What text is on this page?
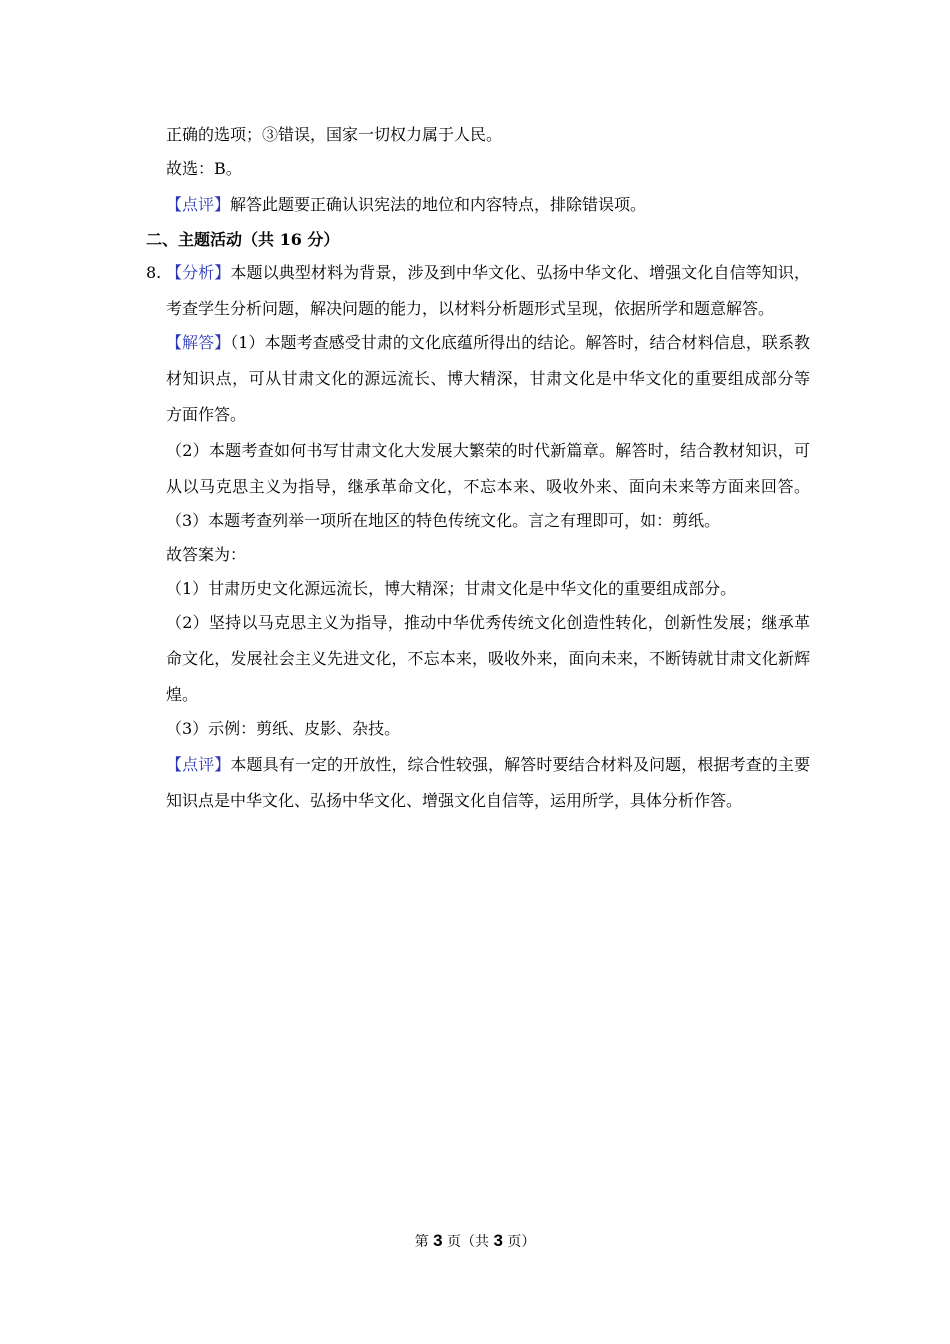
正确的选项；③错误，国家一切权力属于人民。
故选：B。
【点评】解答此题要正确认识宪法的地位和内容特点，排除错误项。
二、主题活动（共 16 分）
8. 【分析】本题以典型材料为背景，涉及到中华文化、弘扬中华文化、增强文化自信等知识，
考查学生分析问题，解决问题的能力，以材料分析题形式呈现，依据所学和题意解答。
【解答】（1）本题考查感受甘肃的文化底蕴所得出的结论。解答时，结合材料信息，联系教
材知识点，可从甘肃文化的源远流长、博大精深，甘肃文化是中华文化的重要组成部分等
方面作答。
（2）本题考查如何书写甘肃文化大发展大繁荣的时代新篇章。解答时，结合教材知识，可
从以马克思主义为指导，继承革命文化，不忘本来、吸收外来、面向未来等方面来回答。
（3）本题考查列举一项所在地区的特色传统文化。言之有理即可，如：剪纸。
故答案为：
（1）甘肃历史文化源远流长，博大精深；甘肃文化是中华文化的重要组成部分。
（2）坚持以马克思主义为指导，推动中华优秀传统文化创造性转化，创新性发展；继承革
命文化，发展社会主义先进文化，不忘本来，吸收外来，面向未来，不断铸就甘肃文化新辉
煌。
（3）示例：剪纸、皮影、杂技。
【点评】本题具有一定的开放性，综合性较强，解答时要结合材料及问题，根据考查的主要
知识点是中华文化、弘扬中华文化、增强文化自信等，运用所学，具体分析作答。
第 3 页（共 3 页）
